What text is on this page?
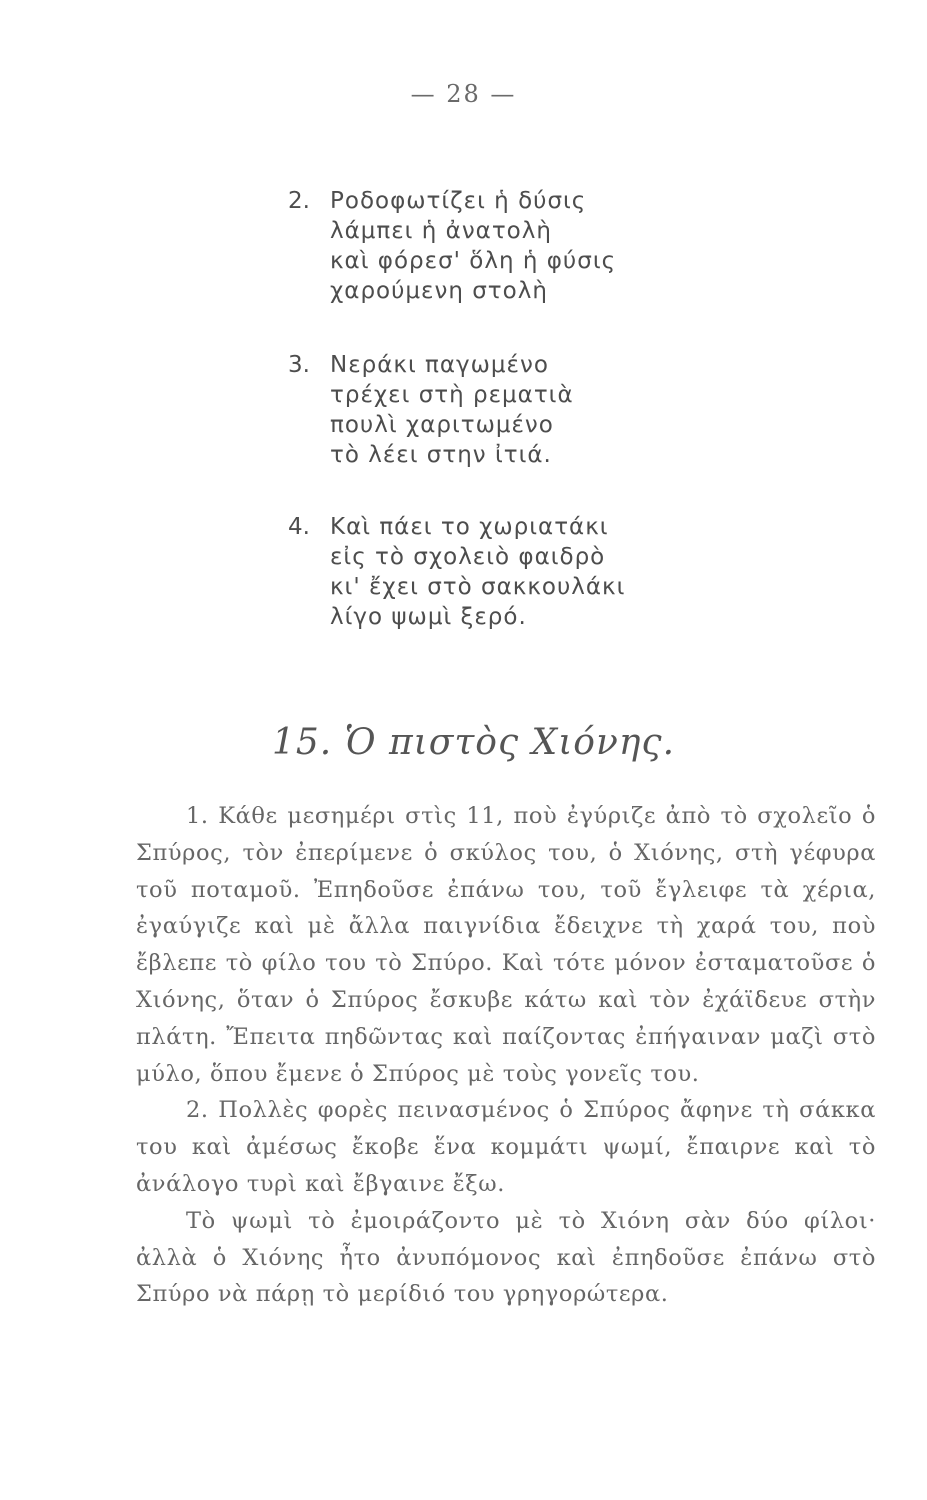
— 28 —
2. Ροδοφωτίζει ἡ δύσις
λάμπει ἡ ἀνατολὴ
καὶ φόρεσ' ὅλη ἡ φύσις
χαρούμενη στολὴ
3. Νεράκι παγωμένο
τρέχει στὴ ρεματιὰ
πουλὶ χαριτωμένο
τὸ λέει στην ἰτιά.
4. Καὶ πάει το χωριατάκι
εἰς τὸ σχολειὸ φαιδρὸ
κι' ἔχει στὸ σακκουλάκι
λίγο ψωμὶ ξερό.
15. Ὁ πιστὸς Χιόνης.

1. Κάθε μεσημέρι στὶς 11, ποὺ ἐγύριζε ἀπὸ τὸ σχολεῖο ὁ Σπύρος, τὸν ἐπερίμενε ὁ σκύλος του, ὁ Χιόνης, στὴ γέφυρα τοῦ ποταμοῦ. Ἐπηδοῦσε ἐπάνω του, τοῦ ἔγλειφε τὰ χέρια, ἐγαύγιζε καὶ μὲ ἄλλα παιγνίδια ἔδειχνε τὴ χαρά του, ποὺ ἔβλεπε τὸ φίλο του τὸ Σπύρο. Καὶ τότε μόνον ἐσταματοῦσε ὁ Χιόνης, ὅταν ὁ Σπύρος ἔσκυβε κάτω καὶ τὸν ἐχάϊδευε στὴν πλάτη. Ἔπειτα πηδῶντας καὶ παίζοντας ἐπήγαιναν μαζὶ στὸ μύλο, ὅπου ἔμενε ὁ Σπύρος μὲ τοὺς γονεῖς του.

2. Πολλὲς φορὲς πεινασμένος ὁ Σπύρος ἄφηνε τὴ σάκκα του καὶ ἀμέσως ἔκοβε ἕνα κομμάτι ψωμί, ἔπαιρνε καὶ τὸ ἀνάλογο τυρὶ καὶ ἔβγαινε ἔξω.

Τὸ ψωμὶ τὸ ἐμοιράζοντο μὲ τὸ Χιόνη σὰν δύο φίλοι· ἀλλὰ ὁ Χιόνης ἦτο ἀνυπόμονος καὶ ἐπηδοῦσε ἐπάνω στὸ Σπύρο νὰ πάρῃ τὸ μερίδιό του γρηγορώτερα.
